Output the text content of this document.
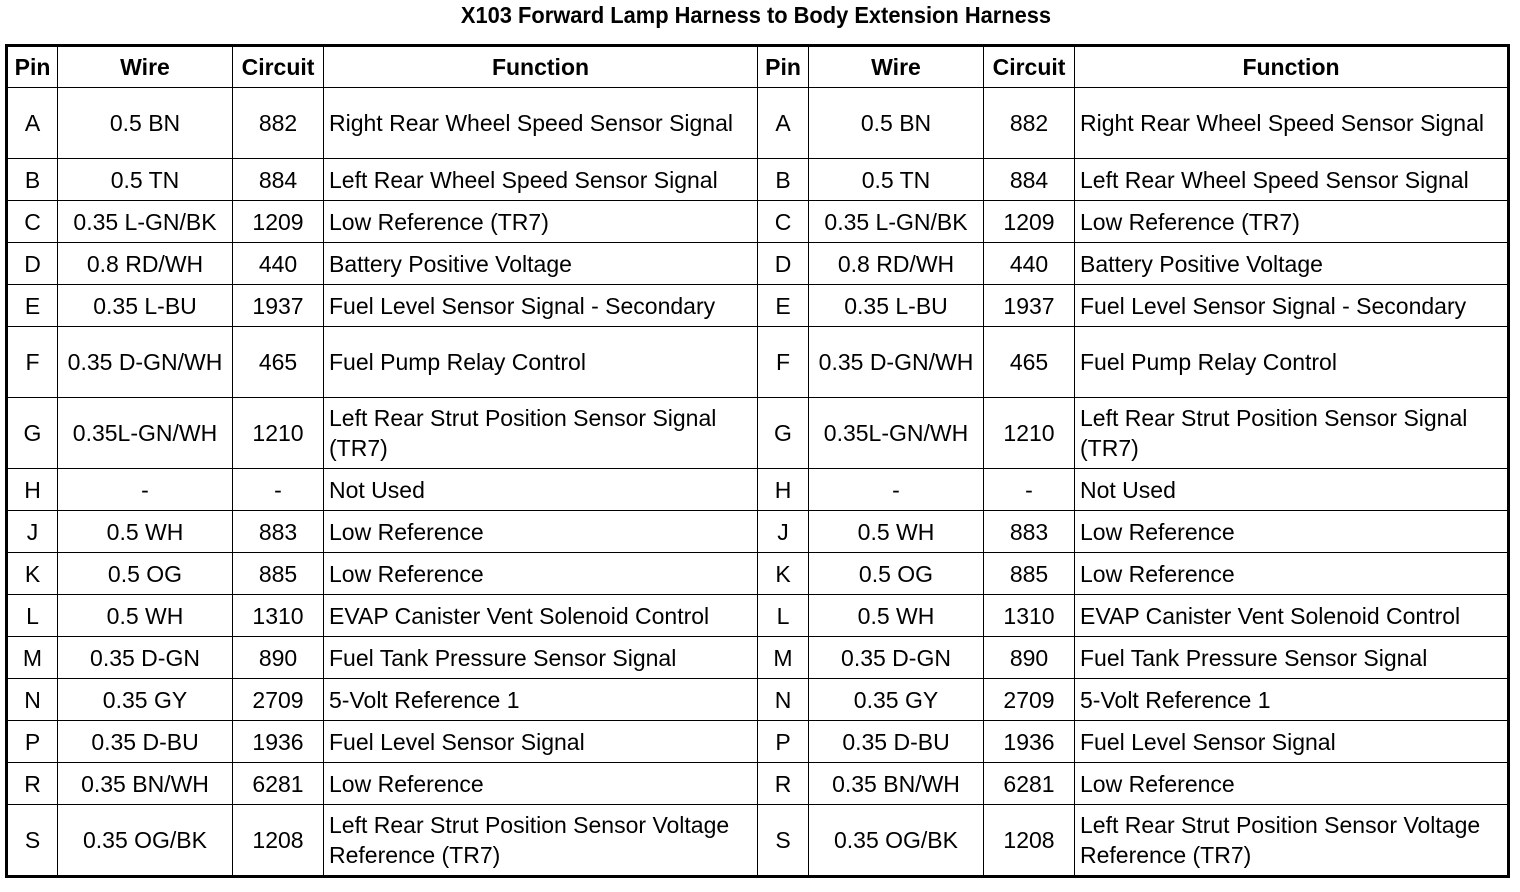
X103 Forward Lamp Harness to Body Extension Harness
Pin	Wire	Circuit	Function	Pin	Wire	Circuit	Function
A	0.5 BN	882	Right Rear Wheel Speed Sensor Signal	A	0.5 BN	882	Right Rear Wheel Speed Sensor Signal
B	0.5 TN	884	Left Rear Wheel Speed Sensor Signal	B	0.5 TN	884	Left Rear Wheel Speed Sensor Signal
C	0.35 L-GN/BK	1209	Low Reference (TR7)	C	0.35 L-GN/BK	1209	Low Reference (TR7)
D	0.8 RD/WH	440	Battery Positive Voltage	D	0.8 RD/WH	440	Battery Positive Voltage
E	0.35 L-BU	1937	Fuel Level Sensor Signal - Secondary	E	0.35 L-BU	1937	Fuel Level Sensor Signal - Secondary
F	0.35 D-GN/WH	465	Fuel Pump Relay Control	F	0.35 D-GN/WH	465	Fuel Pump Relay Control
G	0.35L-GN/WH	1210	Left Rear Strut Position Sensor Signal (TR7)	G	0.35L-GN/WH	1210	Left Rear Strut Position Sensor Signal (TR7)
H	-	-	Not Used	H	-	-	Not Used
J	0.5 WH	883	Low Reference	J	0.5 WH	883	Low Reference
K	0.5 OG	885	Low Reference	K	0.5 OG	885	Low Reference
L	0.5 WH	1310	EVAP Canister Vent Solenoid Control	L	0.5 WH	1310	EVAP Canister Vent Solenoid Control
M	0.35 D-GN	890	Fuel Tank Pressure Sensor Signal	M	0.35 D-GN	890	Fuel Tank Pressure Sensor Signal
N	0.35 GY	2709	5-Volt Reference 1	N	0.35 GY	2709	5-Volt Reference 1
P	0.35 D-BU	1936	Fuel Level Sensor Signal	P	0.35 D-BU	1936	Fuel Level Sensor Signal
R	0.35 BN/WH	6281	Low Reference	R	0.35 BN/WH	6281	Low Reference
S	0.35 OG/BK	1208	Left Rear Strut Position Sensor Voltage Reference (TR7)	S	0.35 OG/BK	1208	Left Rear Strut Position Sensor Voltage Reference (TR7)
